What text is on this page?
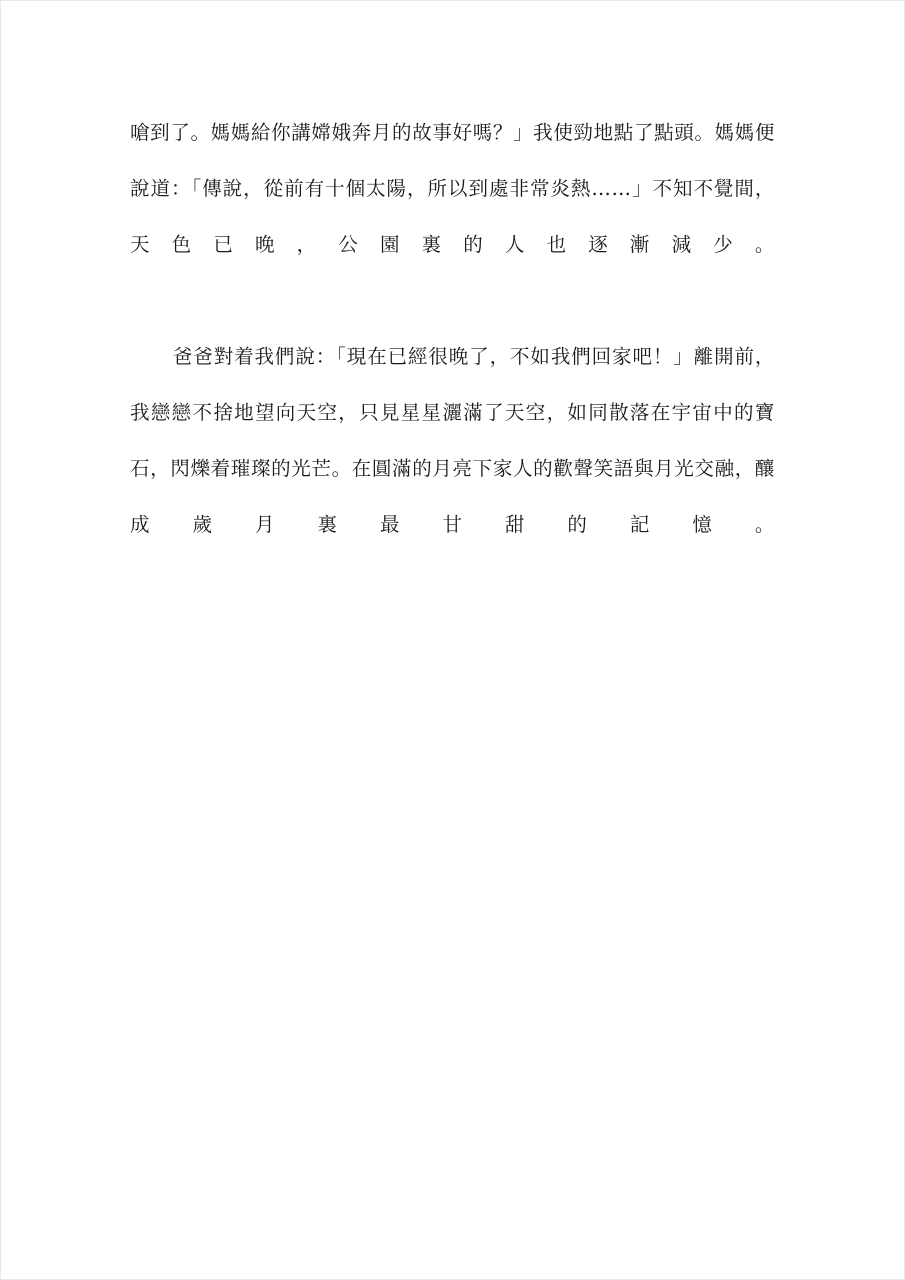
嗆到了。媽媽給你講嫦娥奔月的故事好嗎？」我使勁地點了點頭。媽媽便說道：「傳說，從前有十個太陽，所以到處非常炎熱……」不知不覺間，天色已晚，公園裏的人也逐漸減少。

爸爸對着我們說：「現在已經很晚了，不如我們回家吧！」離開前，我戀戀不捨地望向天空，只見星星灑滿了天空，如同散落在宇宙中的寶石，閃爍着璀璨的光芒。在圓滿的月亮下家人的歡聲笑語與月光交融，釀成歲月裏最甘甜的記憶。
